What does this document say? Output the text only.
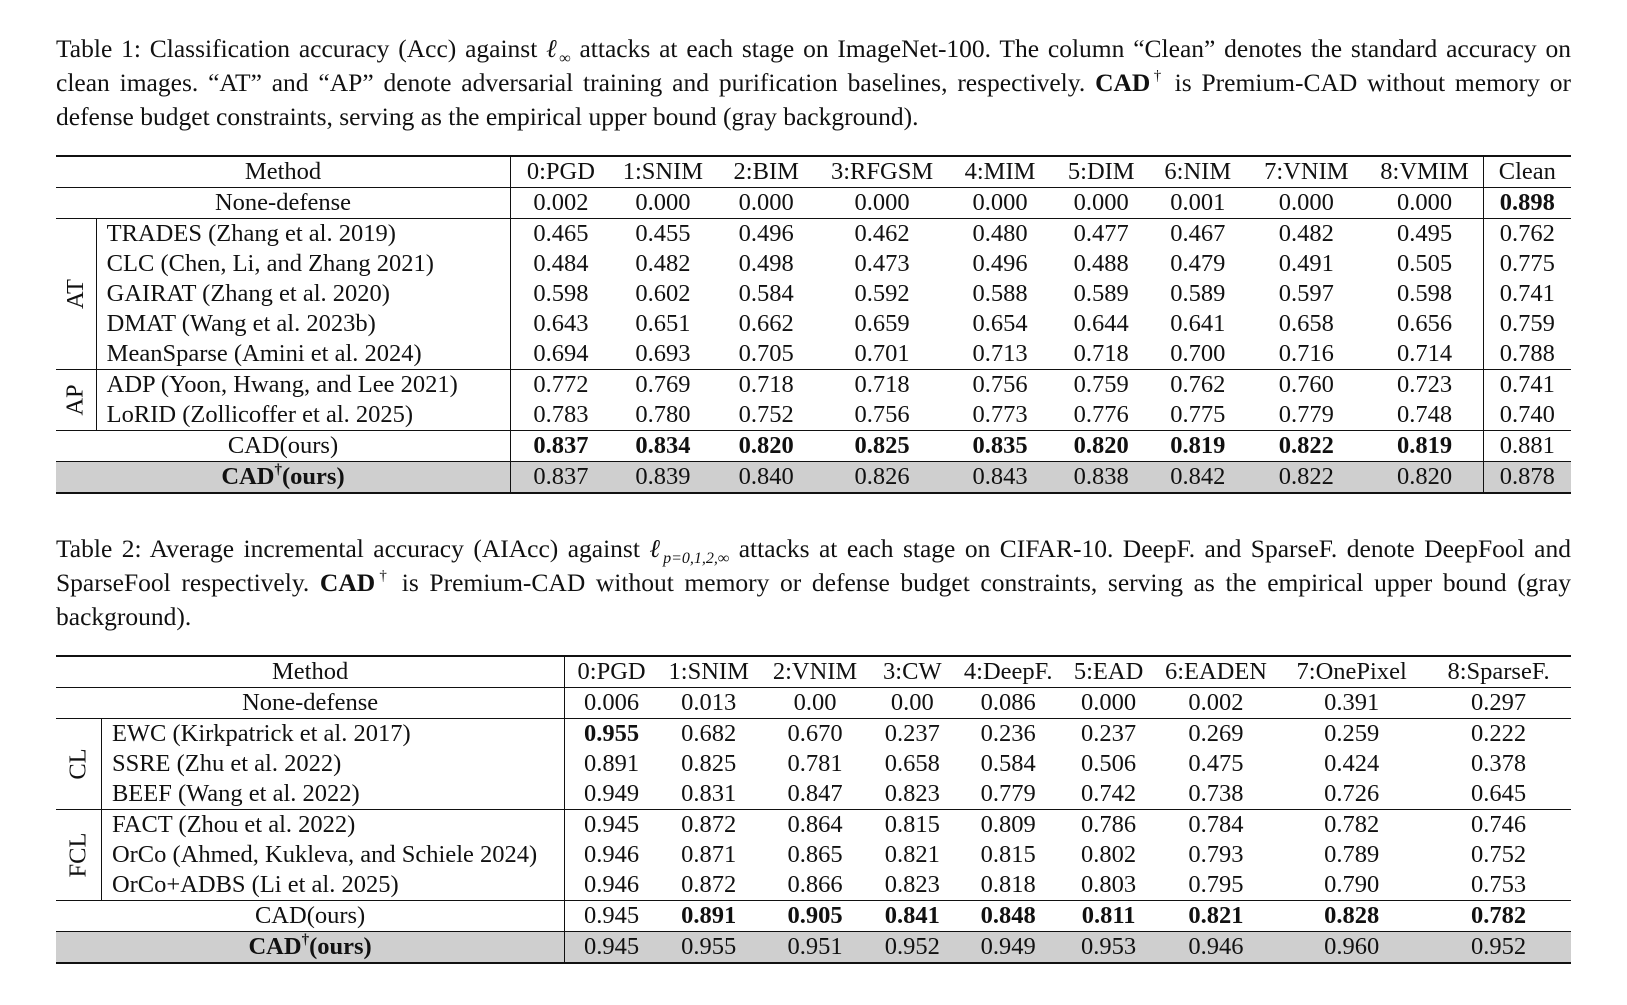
Table 1: Classification accuracy (Acc) against ℓ$_\infty$ attacks at each stage on ImageNet-100. The column “Clean” denotes the standard accuracy on clean images. “AT” and “AP” denote adversarial training and purification baselines, respectively. CAD† is Premium-CAD without memory or defense budget constraints, serving as the empirical upper bound (gray background).
Method		0:PGD	1:SNIM	2:BIM	3:RFGSM	4:MIM	5:DIM	6:NIM	7:VNIM	8:VMIM	Clean
None-defense		0.002	0.000	0.000	0.000	0.000	0.000	0.001	0.000	0.000	0.898
AT	TRADES (Zhang et al. 2019)	0.465	0.455	0.496	0.462	0.480	0.477	0.467	0.482	0.495	0.762
	CLC (Chen, Li, and Zhang 2021)	0.484	0.482	0.498	0.473	0.496	0.488	0.479	0.491	0.505	0.775
	GAIRAT (Zhang et al. 2020)	0.598	0.602	0.584	0.592	0.588	0.589	0.589	0.597	0.598	0.741
	DMAT (Wang et al. 2023b)	0.643	0.651	0.662	0.659	0.654	0.644	0.641	0.658	0.656	0.759
	MeanSparse (Amini et al. 2024)	0.694	0.693	0.705	0.701	0.713	0.718	0.700	0.716	0.714	0.788
AP	ADP (Yoon, Hwang, and Lee 2021)	0.772	0.769	0.718	0.718	0.756	0.759	0.762	0.760	0.723	0.741
	LoRID (Zollicoffer et al. 2025)	0.783	0.780	0.752	0.756	0.773	0.776	0.775	0.779	0.748	0.740
CAD(ours)		0.837	0.834	0.820	0.825	0.835	0.820	0.819	0.822	0.819	0.881
CAD†(ours)		0.837	0.839	0.840	0.826	0.843	0.838	0.842	0.822	0.820	0.878
Table 2: Average incremental accuracy (AIAcc) against ℓ$_{p=0,1,2,\infty}$ attacks at each stage on CIFAR-10. DeepF. and SparseF. denote DeepFool and SparseFool respectively. CAD† is Premium-CAD without memory or defense budget constraints, serving as the empirical upper bound (gray background).
Method		0:PGD	1:SNIM	2:VNIM	3:CW	4:DeepF.	5:EAD	6:EADEN	7:OnePixel	8:SparseF.
None-defense		0.006	0.013	0.00	0.00	0.086	0.000	0.002	0.391	0.297
CL	EWC (Kirkpatrick et al. 2017)	0.955	0.682	0.670	0.237	0.236	0.237	0.269	0.259	0.222
	SSRE (Zhu et al. 2022)	0.891	0.825	0.781	0.658	0.584	0.506	0.475	0.424	0.378
	BEEF (Wang et al. 2022)	0.949	0.831	0.847	0.823	0.779	0.742	0.738	0.726	0.645
FCL	FACT (Zhou et al. 2022)	0.945	0.872	0.864	0.815	0.809	0.786	0.784	0.782	0.746
	OrCo (Ahmed, Kukleva, and Schiele 2024)	0.946	0.871	0.865	0.821	0.815	0.802	0.793	0.789	0.752
	OrCo+ADBS (Li et al. 2025)	0.946	0.872	0.866	0.823	0.818	0.803	0.795	0.790	0.753
CAD(ours)		0.945	0.891	0.905	0.841	0.848	0.811	0.821	0.828	0.782
CAD†(ours)		0.945	0.955	0.951	0.952	0.949	0.953	0.946	0.960	0.952
